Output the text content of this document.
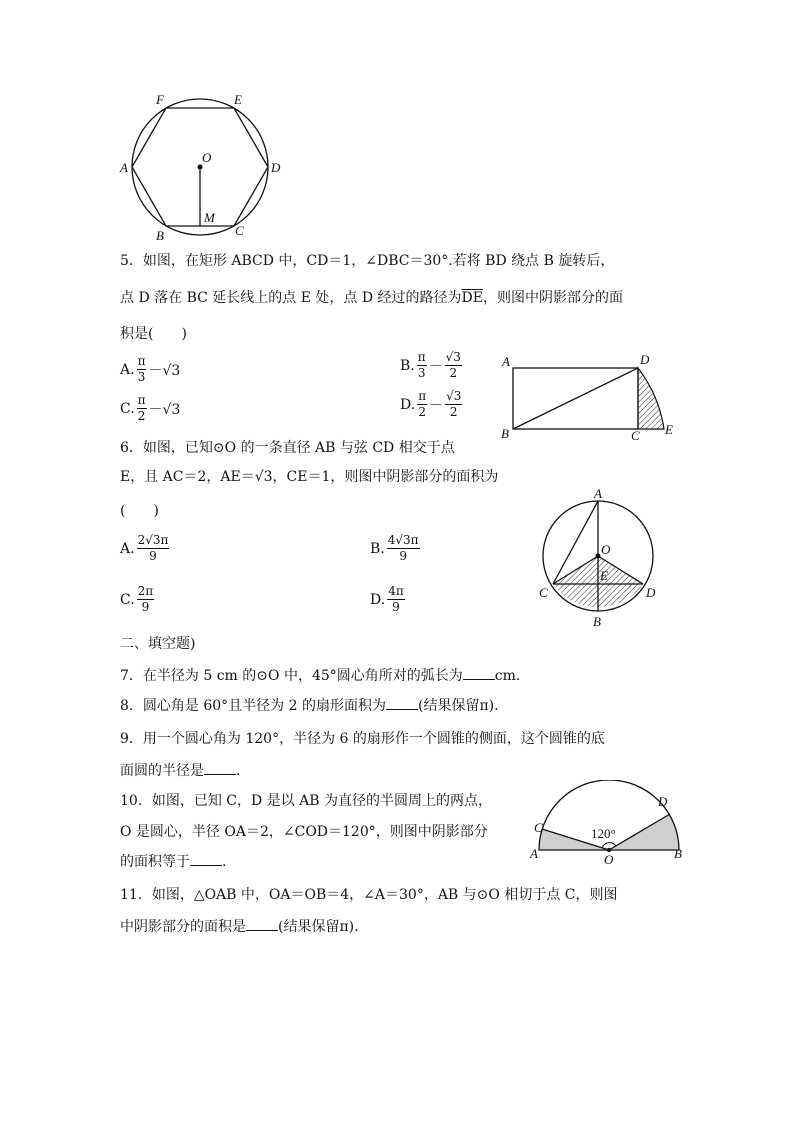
F	E
A	D
O
B
M
C
5．如图，在矩形 ABCD 中，CD＝1，∠DBC＝30°.若将 BD 绕点 B 旋转后，
点 D 落在 BC 延长线上的点 E 处，点 D 经过的路径为$\overline{DE}$，则图中阴影部分的面
积是(　　)
A. $\frac{\pi}{3} -√3$	B. $\frac{\pi}{3} - \frac{√3}{2}$
C. $\frac{\pi}{2} -√3$	D. $\frac{\pi}{2} - \frac{√3}{2}$
A	D
B	C E
6．如图，已知⊙O 的一条直径 AB 与弦 CD 相交于点
E，且 AC＝2，AE＝√3，CE＝1，则图中阴影部分的面积为
(　　)
A. $\frac{2√3\pi}{9}$	B. $\frac{4√3\pi}{9}$
C. $\frac{2\pi}{9}$	D. $\frac{4\pi}{9}$
A
O
E
C	D
B
二、填空题)
7．在半径为 5 cm 的⊙O 中，45°圆心角所对的弧长为 cm.
8．圆心角是 60°且半径为 2 的扇形面积为 (结果保留π).
9．用一个圆心角为 120°，半径为 6 的扇形作一个圆锥的侧面，这个圆锥的底
面圆的半径是 .
10．如图，已知 C，D 是以 AB 为直径的半圆周上的两点，
O 是圆心，半径 OA＝2，∠COD＝120°，则图中阴影部分
的面积等于 .
120°
A
C
D
O	B
11．如图，△OAB 中，OA＝OB＝4，∠A＝30°，AB 与⊙O 相切于点 C，则图
中阴影部分的面积是 (结果保留π).
